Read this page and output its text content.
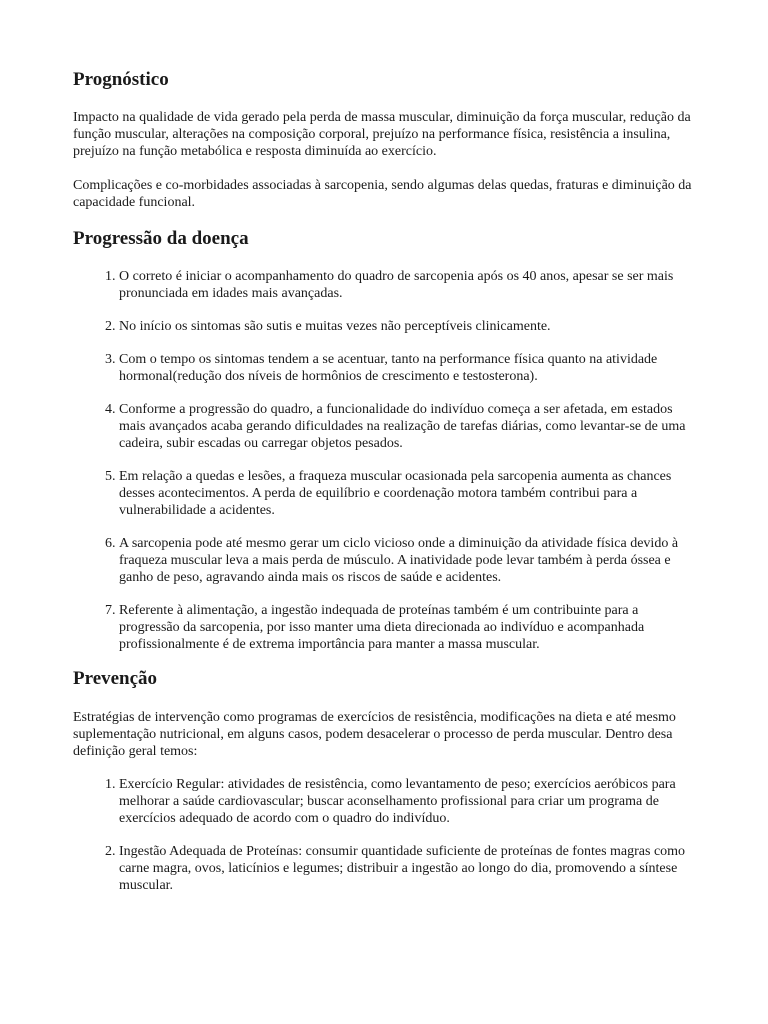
Prognóstico

Impacto na qualidade de vida gerado pela perda de massa muscular, diminuição da força muscular, redução da função muscular, alterações na composição corporal, prejuízo na performance física, resistência a insulina, prejuízo na função metabólica e resposta diminuída ao exercício.

Complicações e co-morbidades associadas à sarcopenia, sendo algumas delas quedas, fraturas e diminuição da capacidade funcional.

Progressão da doença
1. O correto é iniciar o acompanhamento do quadro de sarcopenia após os 40 anos, apesar se ser mais pronunciada em idades mais avançadas.
2. No início os sintomas são sutis e muitas vezes não perceptíveis clinicamente.
3. Com o tempo os sintomas tendem a se acentuar, tanto na performance física quanto na atividade hormonal(redução dos níveis de hormônios de crescimento e testosterona).
4. Conforme a progressão do quadro, a funcionalidade do indivíduo começa a ser afetada, em estados mais avançados acaba gerando dificuldades na realização de tarefas diárias, como levantar-se de uma cadeira, subir escadas ou carregar objetos pesados.
5. Em relação a quedas e lesões, a fraqueza muscular ocasionada pela sarcopenia aumenta as chances desses acontecimentos. A perda de equilíbrio e coordenação motora também contribui para a vulnerabilidade a acidentes.
6. A sarcopenia pode até mesmo gerar um ciclo vicioso onde a diminuição da atividade física devido à fraqueza muscular leva a mais perda de músculo. A inatividade pode levar também à perda óssea e ganho de peso, agravando ainda mais os riscos de saúde e acidentes.
7. Referente à alimentação, a ingestão indequada de proteínas também é um contribuinte para a progressão da sarcopenia, por isso manter uma dieta direcionada ao indivíduo e acompanhada profissionalmente é de extrema importância para manter a massa muscular.
Prevenção

Estratégias de intervenção como programas de exercícios de resistência, modificações na dieta e até mesmo suplementação nutricional, em alguns casos, podem desacelerar o processo de perda muscular. Dentro desa definição geral temos:

1. Exercício Regular: atividades de resistência, como levantamento de peso; exercícios aeróbicos para melhorar a saúde cardiovascular; buscar aconselhamento profissional para criar um programa de exercícios adequado de acordo com o quadro do indivíduo.
2. Ingestão Adequada de Proteínas: consumir quantidade suficiente de proteínas de fontes magras como carne magra, ovos, laticínios e legumes; distribuir a ingestão ao longo do dia, promovendo a síntese muscular.
